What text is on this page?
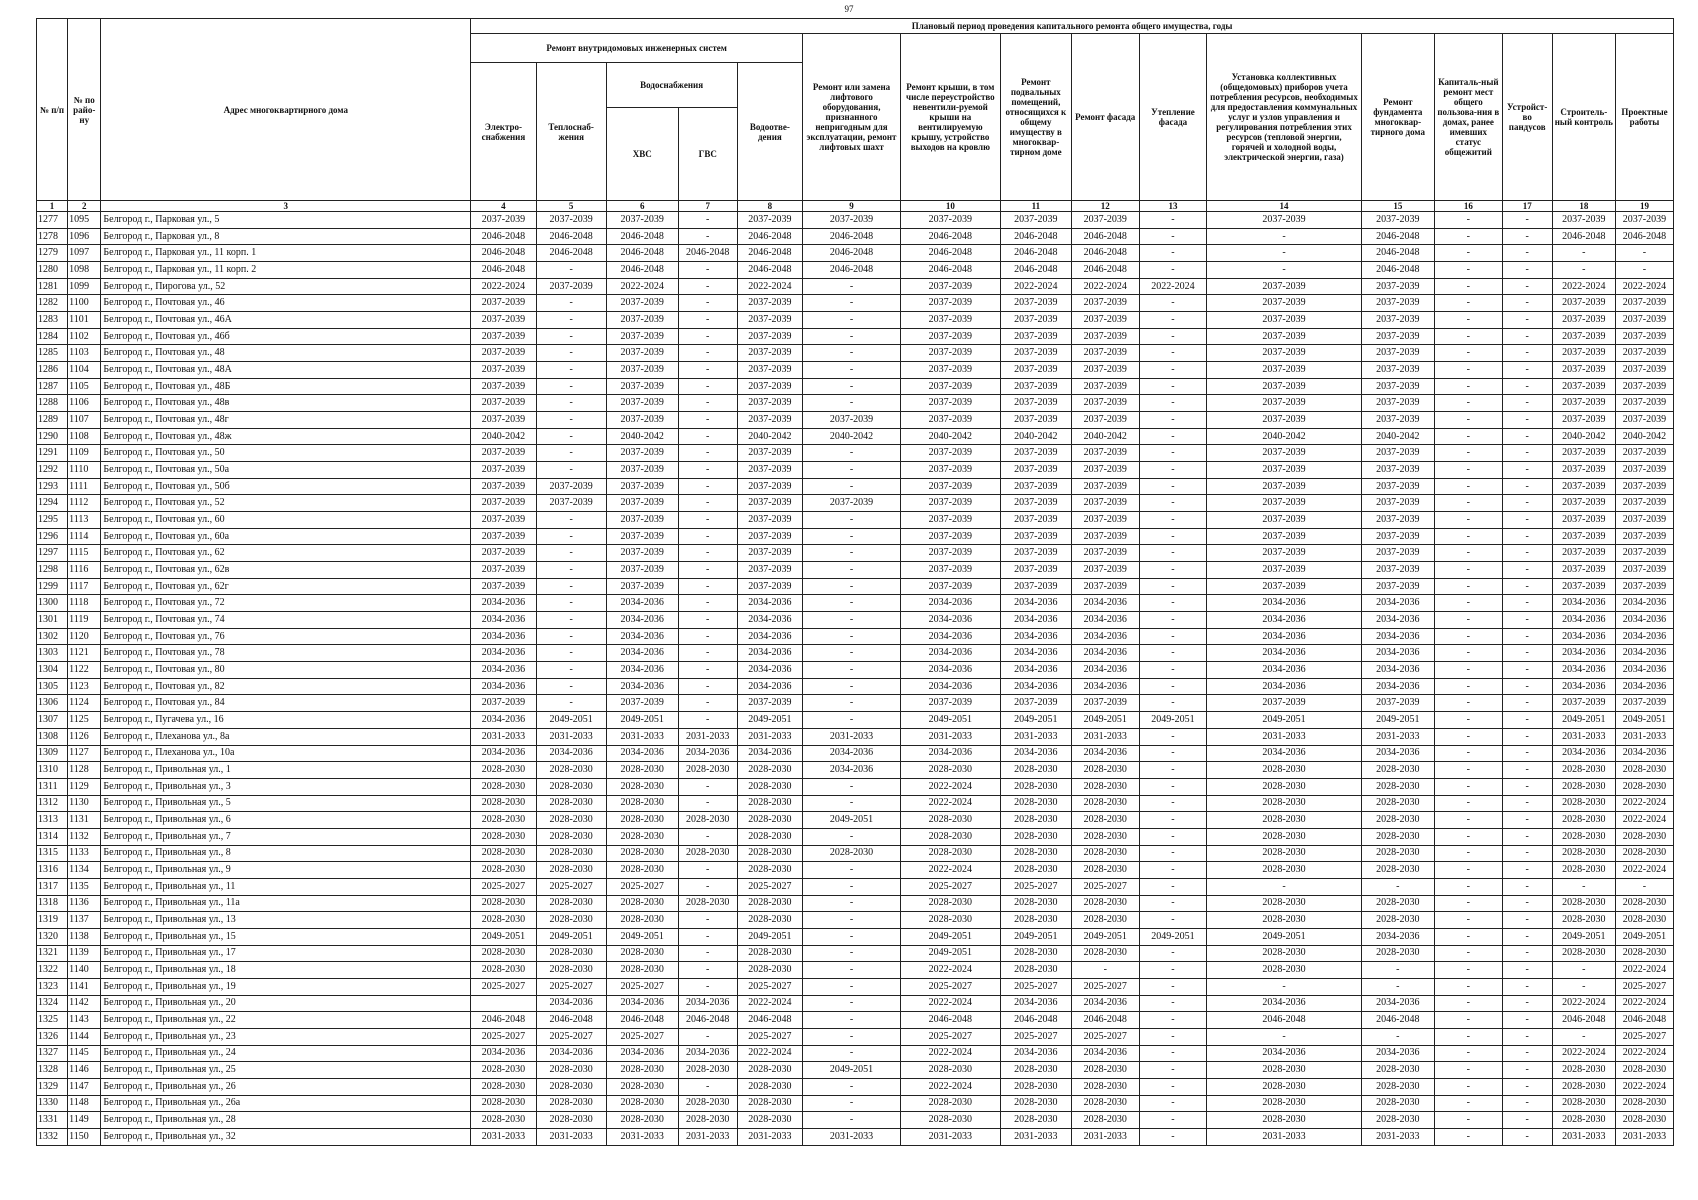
97
№ п/п	№ по райо-ну	Адрес многоквартирного дома	Плановый период проведения капитального ремонта общего имущества, годы															
			Ремонт внутридомовых инженерных систем					Ремонт или замена лифтового оборудования, признанного непригодным для эксплуатации, ремонт лифтовых шахт	Ремонт крыши, в том числе переустройство невентили-руемой крыши на вентилируемую крышу, устройство выходов на кровлю	Ремонт подвальных помещений, относящихся к общему имуществу в многоквар-тирном доме	Ремонт фасада	Утепление фасада	Установка коллективных (общедомовых) приборов учета потребления ресурсов, необходимых для предоставления коммунальных услуг и узлов управления и регулирования потребления этих ресурсов (тепловой энергии, горячей и холодной воды, электрической энергии, газа)	Ремонт фундамента многоквар-тирного дома	Капиталь-ный ремонт мест общего пользова-ния в домах, ранее имевших статус общежитий	Устройст-во пандусов	Строитель-ный контроль	Проектные работы
			Электро-снабжения	Теплоснаб-жения	Водоснабжения		Водоотве-дения											
					ХВС	ГВС												
1	2	3	4	5	6	7	8	9	10	11	12	13	14	15	16	17	18	19
1277	1095	Белгород г., Парковая ул., 5	2037-2039	2037-2039	2037-2039	-	2037-2039	2037-2039	2037-2039	2037-2039	2037-2039	-	2037-2039	2037-2039	-	-	2037-2039	2037-2039
1278	1096	Белгород г., Парковая ул., 8	2046-2048	2046-2048	2046-2048	-	2046-2048	2046-2048	2046-2048	2046-2048	2046-2048	-	-	2046-2048	-	-	2046-2048	2046-2048
1279	1097	Белгород г., Парковая ул., 11 корп. 1	2046-2048	2046-2048	2046-2048	2046-2048	2046-2048	2046-2048	2046-2048	2046-2048	2046-2048	-	-	2046-2048	-	-	-	-
1280	1098	Белгород г., Парковая ул., 11 корп. 2	2046-2048	-	2046-2048	-	2046-2048	2046-2048	2046-2048	2046-2048	2046-2048	-	-	2046-2048	-	-	-	-
1281	1099	Белгород г., Пирогова ул., 52	2022-2024	2037-2039	2022-2024	-	2022-2024	-	2037-2039	2022-2024	2022-2024	2022-2024	2037-2039	2037-2039	-	-	2022-2024	2022-2024
1282	1100	Белгород г., Почтовая ул., 46	2037-2039	-	2037-2039	-	2037-2039	-	2037-2039	2037-2039	2037-2039	-	2037-2039	2037-2039	-	-	2037-2039	2037-2039
1283	1101	Белгород г., Почтовая ул., 46А	2037-2039	-	2037-2039	-	2037-2039	-	2037-2039	2037-2039	2037-2039	-	2037-2039	2037-2039	-	-	2037-2039	2037-2039
1284	1102	Белгород г., Почтовая ул., 46б	2037-2039	-	2037-2039	-	2037-2039	-	2037-2039	2037-2039	2037-2039	-	2037-2039	2037-2039	-	-	2037-2039	2037-2039
1285	1103	Белгород г., Почтовая ул., 48	2037-2039	-	2037-2039	-	2037-2039	-	2037-2039	2037-2039	2037-2039	-	2037-2039	2037-2039	-	-	2037-2039	2037-2039
1286	1104	Белгород г., Почтовая ул., 48А	2037-2039	-	2037-2039	-	2037-2039	-	2037-2039	2037-2039	2037-2039	-	2037-2039	2037-2039	-	-	2037-2039	2037-2039
1287	1105	Белгород г., Почтовая ул., 48Б	2037-2039	-	2037-2039	-	2037-2039	-	2037-2039	2037-2039	2037-2039	-	2037-2039	2037-2039	-	-	2037-2039	2037-2039
1288	1106	Белгород г., Почтовая ул., 48в	2037-2039	-	2037-2039	-	2037-2039	-	2037-2039	2037-2039	2037-2039	-	2037-2039	2037-2039	-	-	2037-2039	2037-2039
1289	1107	Белгород г., Почтовая ул., 48г	2037-2039	-	2037-2039	-	2037-2039	2037-2039	2037-2039	2037-2039	2037-2039	-	2037-2039	2037-2039	-	-	2037-2039	2037-2039
1290	1108	Белгород г., Почтовая ул., 48ж	2040-2042	-	2040-2042	-	2040-2042	2040-2042	2040-2042	2040-2042	2040-2042	-	2040-2042	2040-2042	-	-	2040-2042	2040-2042
1291	1109	Белгород г., Почтовая ул., 50	2037-2039	-	2037-2039	-	2037-2039	-	2037-2039	2037-2039	2037-2039	-	2037-2039	2037-2039	-	-	2037-2039	2037-2039
1292	1110	Белгород г., Почтовая ул., 50а	2037-2039	-	2037-2039	-	2037-2039	-	2037-2039	2037-2039	2037-2039	-	2037-2039	2037-2039	-	-	2037-2039	2037-2039
1293	1111	Белгород г., Почтовая ул., 50б	2037-2039	2037-2039	2037-2039	-	2037-2039	-	2037-2039	2037-2039	2037-2039	-	2037-2039	2037-2039	-	-	2037-2039	2037-2039
1294	1112	Белгород г., Почтовая ул., 52	2037-2039	2037-2039	2037-2039	-	2037-2039	2037-2039	2037-2039	2037-2039	2037-2039	-	2037-2039	2037-2039	-	-	2037-2039	2037-2039
1295	1113	Белгород г., Почтовая ул., 60	2037-2039	-	2037-2039	-	2037-2039	-	2037-2039	2037-2039	2037-2039	-	2037-2039	2037-2039	-	-	2037-2039	2037-2039
1296	1114	Белгород г., Почтовая ул., 60а	2037-2039	-	2037-2039	-	2037-2039	-	2037-2039	2037-2039	2037-2039	-	2037-2039	2037-2039	-	-	2037-2039	2037-2039
1297	1115	Белгород г., Почтовая ул., 62	2037-2039	-	2037-2039	-	2037-2039	-	2037-2039	2037-2039	2037-2039	-	2037-2039	2037-2039	-	-	2037-2039	2037-2039
1298	1116	Белгород г., Почтовая ул., 62в	2037-2039	-	2037-2039	-	2037-2039	-	2037-2039	2037-2039	2037-2039	-	2037-2039	2037-2039	-	-	2037-2039	2037-2039
1299	1117	Белгород г., Почтовая ул., 62г	2037-2039	-	2037-2039	-	2037-2039	-	2037-2039	2037-2039	2037-2039	-	2037-2039	2037-2039	-	-	2037-2039	2037-2039
1300	1118	Белгород г., Почтовая ул., 72	2034-2036	-	2034-2036	-	2034-2036	-	2034-2036	2034-2036	2034-2036	-	2034-2036	2034-2036	-	-	2034-2036	2034-2036
1301	1119	Белгород г., Почтовая ул., 74	2034-2036	-	2034-2036	-	2034-2036	-	2034-2036	2034-2036	2034-2036	-	2034-2036	2034-2036	-	-	2034-2036	2034-2036
1302	1120	Белгород г., Почтовая ул., 76	2034-2036	-	2034-2036	-	2034-2036	-	2034-2036	2034-2036	2034-2036	-	2034-2036	2034-2036	-	-	2034-2036	2034-2036
1303	1121	Белгород г., Почтовая ул., 78	2034-2036	-	2034-2036	-	2034-2036	-	2034-2036	2034-2036	2034-2036	-	2034-2036	2034-2036	-	-	2034-2036	2034-2036
1304	1122	Белгород г., Почтовая ул., 80	2034-2036	-	2034-2036	-	2034-2036	-	2034-2036	2034-2036	2034-2036	-	2034-2036	2034-2036	-	-	2034-2036	2034-2036
1305	1123	Белгород г., Почтовая ул., 82	2034-2036	-	2034-2036	-	2034-2036	-	2034-2036	2034-2036	2034-2036	-	2034-2036	2034-2036	-	-	2034-2036	2034-2036
1306	1124	Белгород г., Почтовая ул., 84	2037-2039	-	2037-2039	-	2037-2039	-	2037-2039	2037-2039	2037-2039	-	2037-2039	2037-2039	-	-	2037-2039	2037-2039
1307	1125	Белгород г., Пугачева ул., 16	2034-2036	2049-2051	2049-2051	-	2049-2051	-	2049-2051	2049-2051	2049-2051	2049-2051	2049-2051	2049-2051	-	-	2049-2051	2049-2051
1308	1126	Белгород г., Плеханова ул., 8а	2031-2033	2031-2033	2031-2033	2031-2033	2031-2033	2031-2033	2031-2033	2031-2033	2031-2033	-	2031-2033	2031-2033	-	-	2031-2033	2031-2033
1309	1127	Белгород г., Плеханова ул., 10а	2034-2036	2034-2036	2034-2036	2034-2036	2034-2036	2034-2036	2034-2036	2034-2036	2034-2036	-	2034-2036	2034-2036	-	-	2034-2036	2034-2036
1310	1128	Белгород г., Привольная ул., 1	2028-2030	2028-2030	2028-2030	2028-2030	2028-2030	2034-2036	2028-2030	2028-2030	2028-2030	-	2028-2030	2028-2030	-	-	2028-2030	2028-2030
1311	1129	Белгород г., Привольная ул., 3	2028-2030	2028-2030	2028-2030	-	2028-2030	-	2022-2024	2028-2030	2028-2030	-	2028-2030	2028-2030	-	-	2028-2030	2028-2030
1312	1130	Белгород г., Привольная ул., 5	2028-2030	2028-2030	2028-2030	-	2028-2030	-	2022-2024	2028-2030	2028-2030	-	2028-2030	2028-2030	-	-	2028-2030	2022-2024
1313	1131	Белгород г., Привольная ул., 6	2028-2030	2028-2030	2028-2030	2028-2030	2028-2030	2049-2051	2028-2030	2028-2030	2028-2030	-	2028-2030	2028-2030	-	-	2028-2030	2022-2024
1314	1132	Белгород г., Привольная ул., 7	2028-2030	2028-2030	2028-2030	-	2028-2030	-	2028-2030	2028-2030	2028-2030	-	2028-2030	2028-2030	-	-	2028-2030	2028-2030
1315	1133	Белгород г., Привольная ул., 8	2028-2030	2028-2030	2028-2030	2028-2030	2028-2030	2028-2030	2028-2030	2028-2030	2028-2030	-	2028-2030	2028-2030	-	-	2028-2030	2028-2030
1316	1134	Белгород г., Привольная ул., 9	2028-2030	2028-2030	2028-2030	-	2028-2030	-	2022-2024	2028-2030	2028-2030	-	2028-2030	2028-2030	-	-	2028-2030	2022-2024
1317	1135	Белгород г., Привольная ул., 11	2025-2027	2025-2027	2025-2027	-	2025-2027	-	2025-2027	2025-2027	2025-2027	-	-	-	-	-	-	-
1318	1136	Белгород г., Привольная ул., 11а	2028-2030	2028-2030	2028-2030	2028-2030	2028-2030	-	2028-2030	2028-2030	2028-2030	-	2028-2030	2028-2030	-	-	2028-2030	2028-2030
1319	1137	Белгород г., Привольная ул., 13	2028-2030	2028-2030	2028-2030	-	2028-2030	-	2028-2030	2028-2030	2028-2030	-	2028-2030	2028-2030	-	-	2028-2030	2028-2030
1320	1138	Белгород г., Привольная ул., 15	2049-2051	2049-2051	2049-2051	-	2049-2051	-	2049-2051	2049-2051	2049-2051	2049-2051	2049-2051	2034-2036	-	-	2049-2051	2049-2051
1321	1139	Белгород г., Привольная ул., 17	2028-2030	2028-2030	2028-2030	-	2028-2030	-	2049-2051	2028-2030	2028-2030	-	2028-2030	2028-2030	-	-	2028-2030	2028-2030
1322	1140	Белгород г., Привольная ул., 18	2028-2030	2028-2030	2028-2030	-	2028-2030	-	2022-2024	2028-2030	-	-	2028-2030	-	-	-	-	2022-2024
1323	1141	Белгород г., Привольная ул., 19	2025-2027	2025-2027	2025-2027	-	2025-2027	-	2025-2027	2025-2027	2025-2027	-	-	-	-	-	-	2025-2027
1324	1142	Белгород г., Привольная ул., 20		2034-2036	2034-2036	2034-2036	2022-2024	-	2022-2024	2034-2036	2034-2036	-	2034-2036	2034-2036	-	-	2022-2024	2022-2024
1325	1143	Белгород г., Привольная ул., 22	2046-2048	2046-2048	2046-2048	2046-2048	2046-2048	-	2046-2048	2046-2048	2046-2048	-	2046-2048	2046-2048	-	-	2046-2048	2046-2048
1326	1144	Белгород г., Привольная ул., 23	2025-2027	2025-2027	2025-2027	-	2025-2027	-	2025-2027	2025-2027	2025-2027	-	-	-	-	-	-	2025-2027
1327	1145	Белгород г., Привольная ул., 24	2034-2036	2034-2036	2034-2036	2034-2036	2022-2024	-	2022-2024	2034-2036	2034-2036	-	2034-2036	2034-2036	-	-	2022-2024	2022-2024
1328	1146	Белгород г., Привольная ул., 25	2028-2030	2028-2030	2028-2030	2028-2030	2028-2030	2049-2051	2028-2030	2028-2030	2028-2030	-	2028-2030	2028-2030	-	-	2028-2030	2028-2030
1329	1147	Белгород г., Привольная ул., 26	2028-2030	2028-2030	2028-2030	-	2028-2030	-	2022-2024	2028-2030	2028-2030	-	2028-2030	2028-2030	-	-	2028-2030	2022-2024
1330	1148	Белгород г., Привольная ул., 26а	2028-2030	2028-2030	2028-2030	2028-2030	2028-2030	-	2028-2030	2028-2030	2028-2030	-	2028-2030	2028-2030	-	-	2028-2030	2028-2030
1331	1149	Белгород г., Привольная ул., 28	2028-2030	2028-2030	2028-2030	2028-2030	2028-2030	-	2028-2030	2028-2030	2028-2030	-	2028-2030	2028-2030	-	-	2028-2030	2028-2030
1332	1150	Белгород г., Привольная ул., 32	2031-2033	2031-2033	2031-2033	2031-2033	2031-2033	2031-2033	2031-2033	2031-2033	2031-2033	-	2031-2033	2031-2033	-	-	2031-2033	2031-2033
